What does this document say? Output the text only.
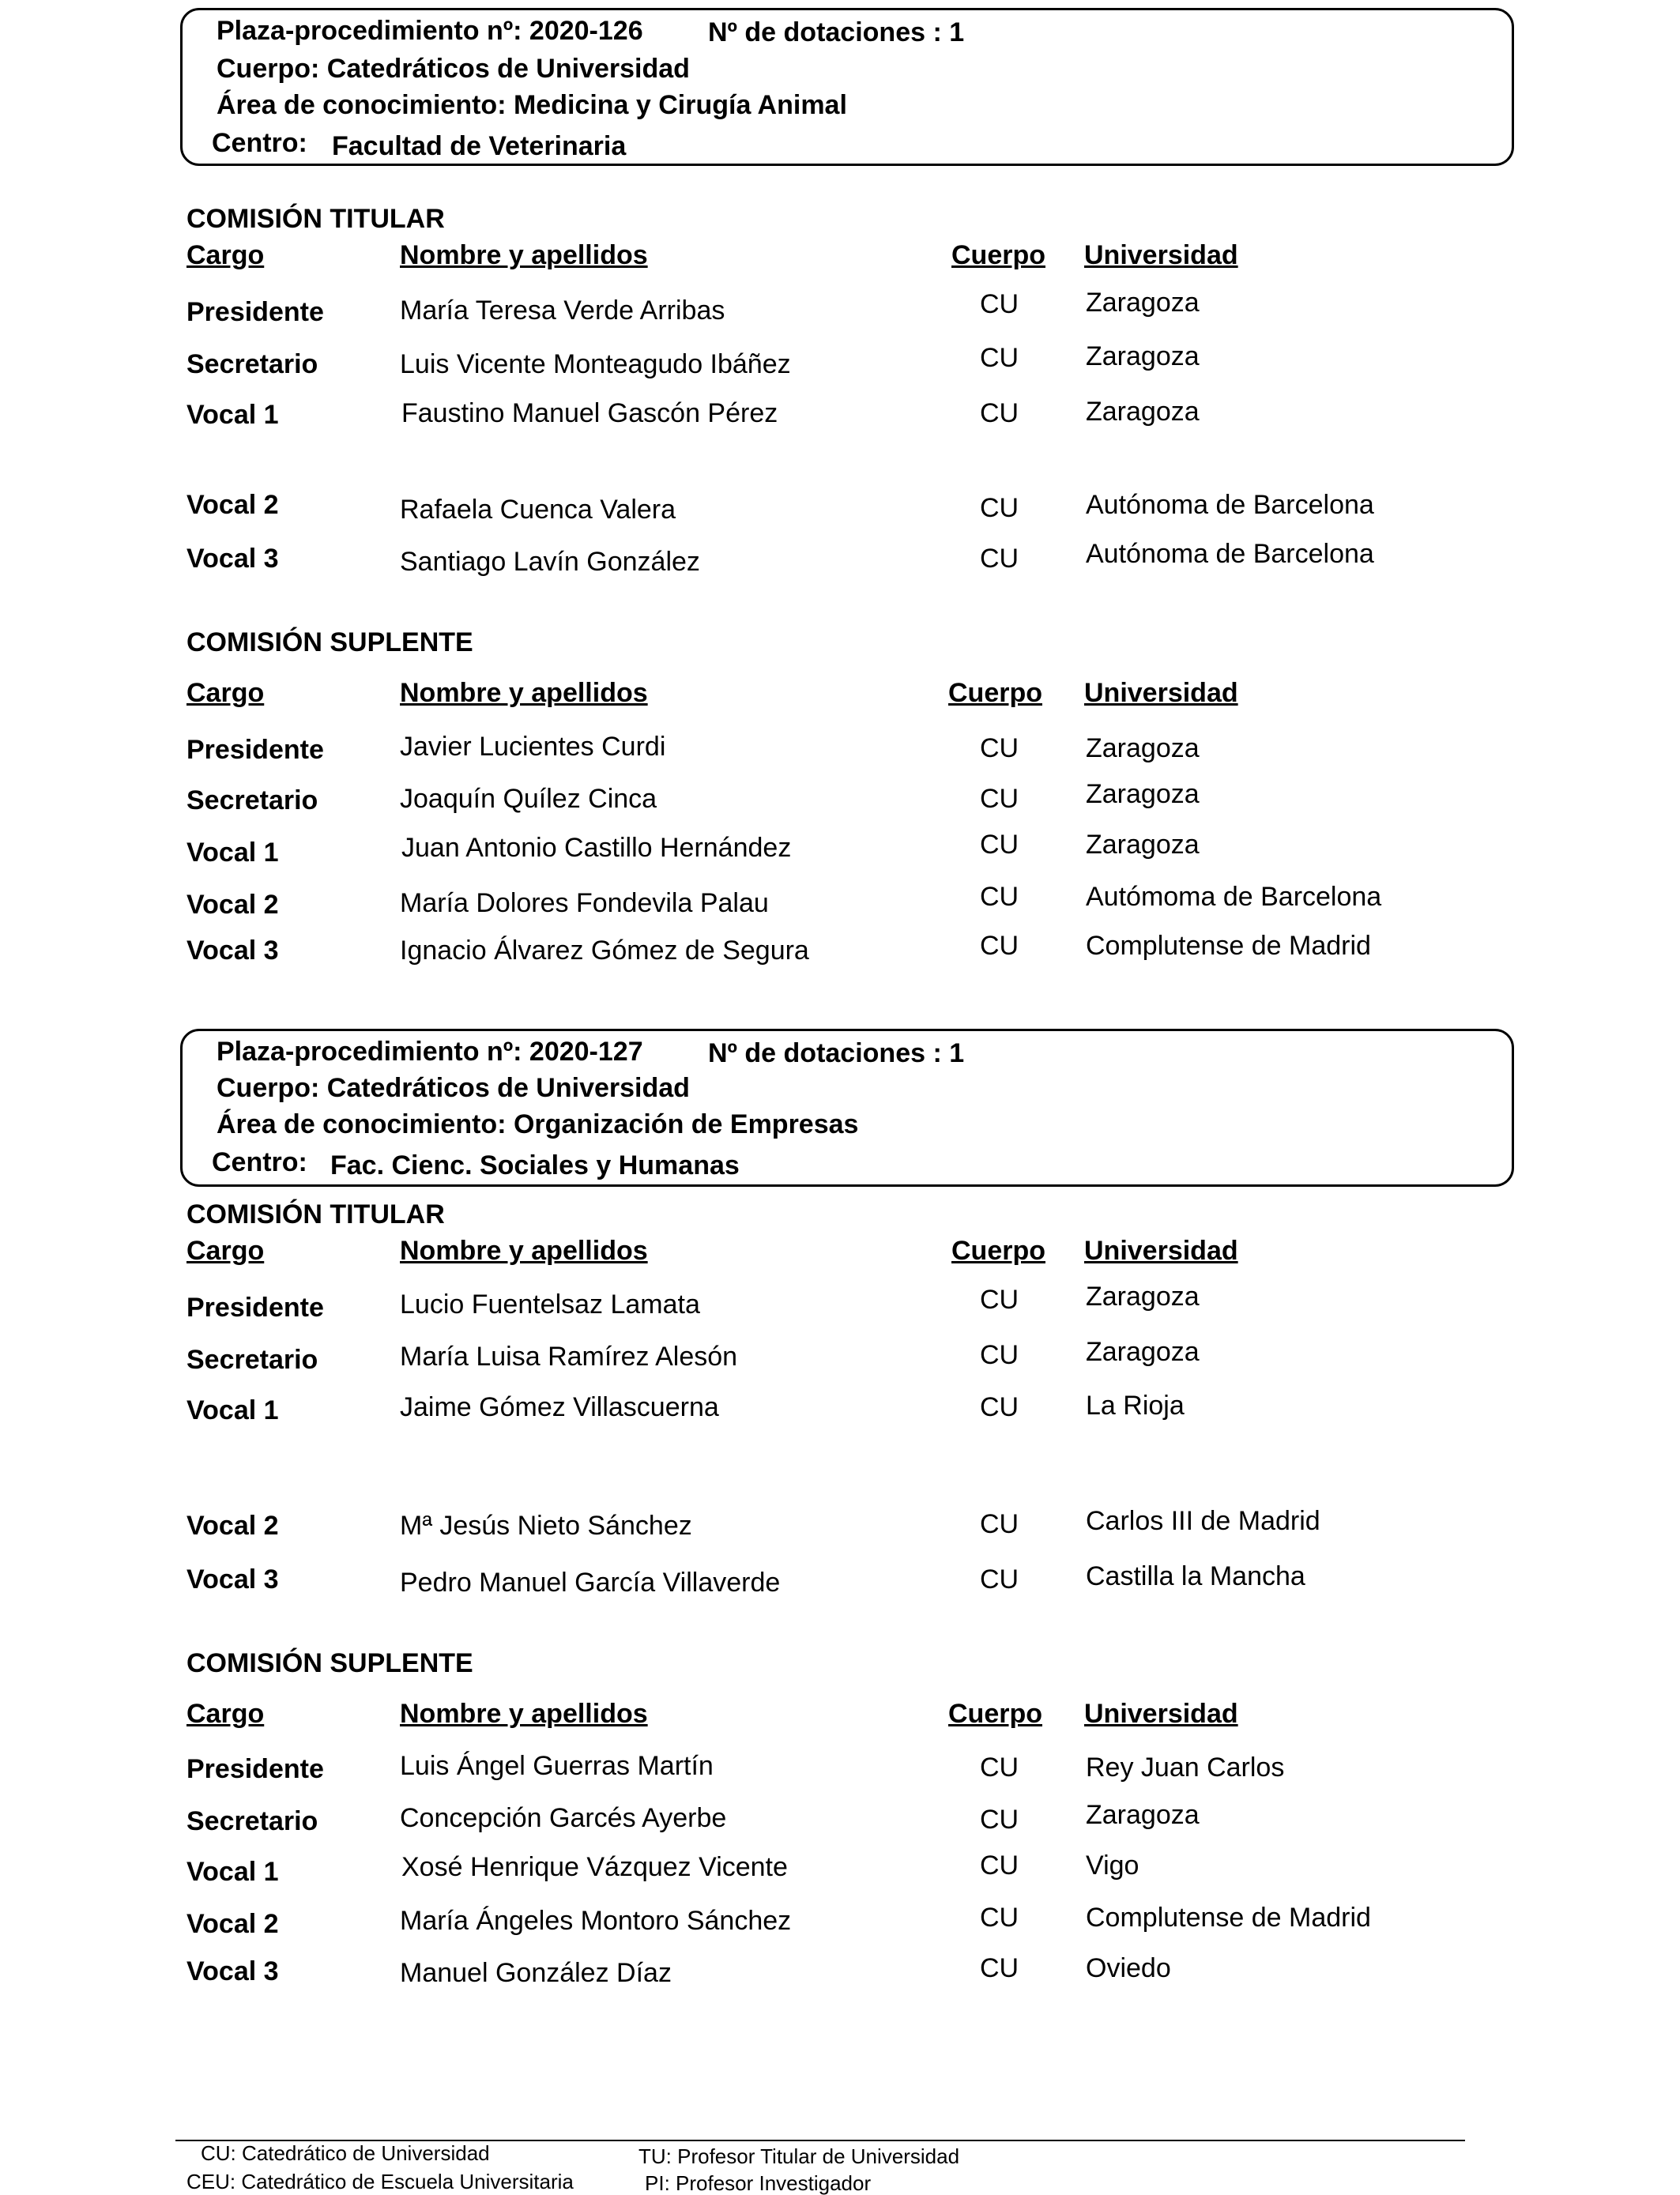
Plaza-procedimiento nº: 2020-126 Nº de dotaciones : 1
Cuerpo: Catedráticos de Universidad
Área de conocimiento: Medicina y Cirugía Animal
Centro: Facultad de Veterinaria
COMISIÓN TITULAR
Cargo	Nombre y apellidos	Cuerpo Universidad
Presidente	María Teresa Verde Arribas	CU Zaragoza
Secretario	Luis Vicente Monteagudo Ibáñez	CU Zaragoza
Vocal 1	Faustino Manuel Gascón Pérez	CU Zaragoza
Vocal 2	Rafaela Cuenca Valera	CU Autónoma de Barcelona
Vocal 3	Santiago Lavín González	CU Autónoma de Barcelona
COMISIÓN SUPLENTE
Cargo	Nombre y apellidos	Cuerpo Universidad
Presidente	Javier Lucientes Curdi	CU Zaragoza
Secretario	Joaquín Quílez Cinca	CU Zaragoza
Vocal 1	Juan Antonio Castillo Hernández	CU Zaragoza
Vocal 2	María Dolores Fondevila Palau	CU Autómoma de Barcelona
Vocal 3	Ignacio Álvarez Gómez de Segura	CU Complutense de Madrid
Plaza-procedimiento nº: 2020-127 Nº de dotaciones : 1
Cuerpo: Catedráticos de Universidad
Área de conocimiento: Organización de Empresas
Centro: Fac. Cienc. Sociales y Humanas
COMISIÓN TITULAR
Cargo	Nombre y apellidos	Cuerpo Universidad
Presidente	Lucio Fuentelsaz Lamata	CU Zaragoza
Secretario	María Luisa Ramírez Alesón	CU Zaragoza
Vocal 1	Jaime Gómez Villascuerna	CU La Rioja
Vocal 2	Mª Jesús Nieto Sánchez	CU Carlos III de Madrid
Vocal 3	Pedro Manuel García Villaverde	CU Castilla la Mancha
COMISIÓN SUPLENTE
Cargo	Nombre y apellidos	Cuerpo Universidad
Presidente	Luis Ángel Guerras Martín	CU Rey Juan Carlos
Secretario	Concepción Garcés Ayerbe	CU Zaragoza
Vocal 1	Xosé Henrique Vázquez Vicente	CU Vigo
Vocal 2	María Ángeles Montoro Sánchez	CU Complutense de Madrid
Vocal 3	Manuel González Díaz	CU Oviedo
CU: Catedrático de Universidad
CEU: Catedrático de Escuela Universitaria
TU: Profesor Titular de Universidad
PI: Profesor Investigador
